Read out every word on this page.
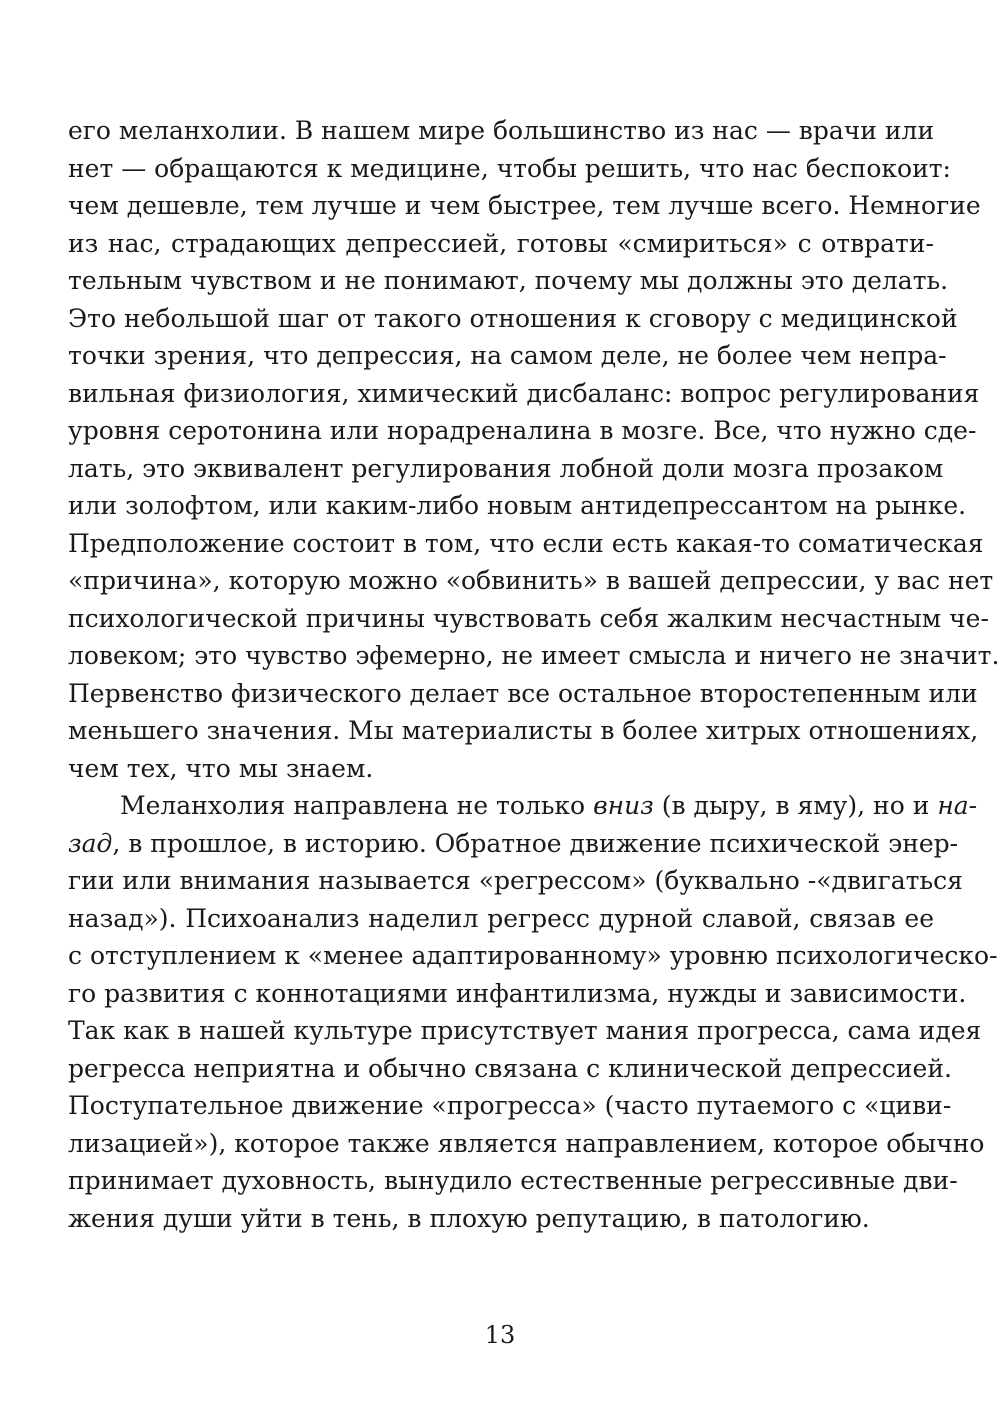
его меланхолии. В нашем мире большинство из нас — врачи или
нет — обращаются к медицине, чтобы решить, что нас беспокоит:
чем дешевле, тем лучше и чем быстрее, тем лучше всего. Немногие
из нас, страдающих депрессией, готовы «смириться» с отврати-
тельным чувством и не понимают, почему мы должны это делать.
Это небольшой шаг от такого отношения к сговору с медицинской
точки зрения, что депрессия, на самом деле, не более чем непра-
вильная физиология, химический дисбаланс: вопрос регулирования
уровня серотонина или норадреналина в мозге. Все, что нужно сде-
лать, это эквивалент регулирования лобной доли мозга прозаком
или золофтом, или каким-либо новым антидепрессантом на рынке.
Предположение состоит в том, что если есть какая-то соматическая
«причина», которую можно «обвинить» в вашей депрессии, у вас нет
психологической причины чувствовать себя жалким несчастным че-
ловеком; это чувство эфемерно, не имеет смысла и ничего не значит.
Первенство физического делает все остальное второстепенным или
меньшего значения. Мы материалисты в более хитрых отношениях,
чем тех, что мы знаем.
Меланхолия направлена не только вниз (в дыру, в яму), но и на-
зад, в прошлое, в историю. Обратное движение психической энер-
гии или внимания называется «регрессом» (буквально -«двигаться
назад»). Психоанализ наделил регресс дурной славой, связав ее
с отступлением к «менее адаптированному» уровню психологическо-
го развития с коннотациями инфантилизма, нужды и зависимости.
Так как в нашей культуре присутствует мания прогресса, сама идея
регресса неприятна и обычно связана с клинической депрессией.
Поступательное движение «прогресса» (часто путаемого с «циви-
лизацией»), которое также является направлением, которое обычно
принимает духовность, вынудило естественные регрессивные дви-
жения души уйти в тень, в плохую репутацию, в патологию.
13
